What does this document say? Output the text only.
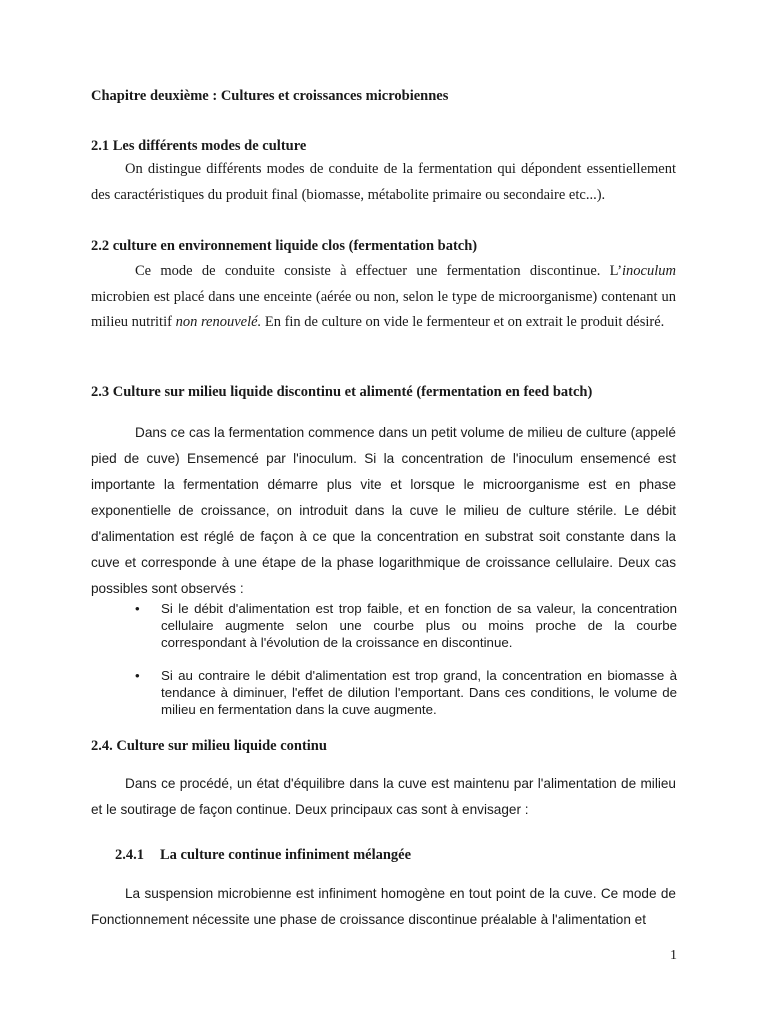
Chapitre deuxième : Cultures et croissances microbiennes

2.1 Les différents modes de culture

On distingue différents modes de conduite de la fermentation qui dépondent essentiellement des caractéristiques du produit final (biomasse, métabolite primaire ou secondaire etc...).

2.2 culture en environnement liquide clos (fermentation batch)

Ce mode de conduite consiste à effectuer une fermentation discontinue. L’inoculum microbien est placé dans une enceinte (aérée ou non, selon le type de microorganisme) contenant un milieu nutritif non renouvelé. En fin de culture on vide le fermenteur et on extrait le produit désiré.

2.3 Culture sur milieu liquide discontinu et alimenté (fermentation en feed batch)

Dans ce cas la fermentation commence dans un petit volume de milieu de culture (appelé pied de cuve) Ensemencé par l'inoculum. Si la concentration de l'inoculum ensemencé est importante la fermentation démarre plus vite et lorsque le microorganisme est en phase exponentielle de croissance, on introduit dans la cuve le milieu de culture stérile. Le débit d'alimentation est réglé de façon à ce que la concentration en substrat soit constante dans la cuve et corresponde à une étape de la phase logarithmique de croissance cellulaire. Deux cas possibles sont observés :

• Si le débit d'alimentation est trop faible, et en fonction de sa valeur, la concentration cellulaire augmente selon une courbe plus ou moins proche de la courbe correspondant à l'évolution de la croissance en discontinue.
• Si au contraire le débit d'alimentation est trop grand, la concentration en biomasse à tendance à diminuer, l'effet de dilution l'emportant. Dans ces conditions, le volume de milieu en fermentation dans la cuve augmente.

2.4. Culture sur milieu liquide continu

Dans ce procédé, un état d'équilibre dans la cuve est maintenu par l'alimentation de milieu et le soutirage de façon continue. Deux principaux cas sont à envisager :

2.4.1 La culture continue infiniment mélangée

La suspension microbienne est infiniment homogène en tout point de la cuve. Ce mode de Fonctionnement nécessite une phase de croissance discontinue préalable à l'alimentation et

1
